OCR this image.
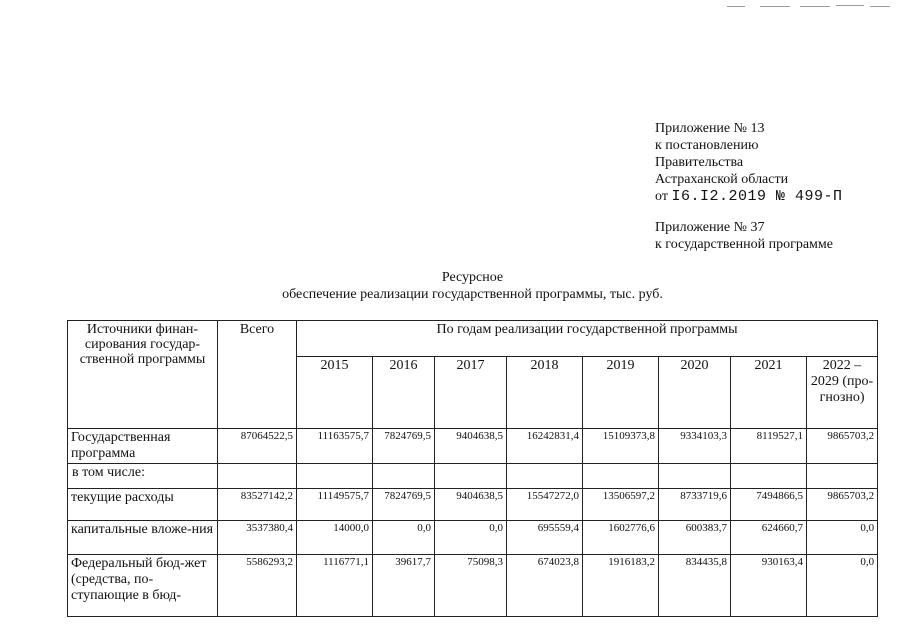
Приложение № 13
к постановлению
Правительства
Астраханской области
от I6.I2.2019 № 499-П
Приложение № 37
к государственной программе
Ресурсное
обеспечение реализации государственной программы, тыс. руб.
Источники финан-сирования государ-ственной программы	Всего	По годам реализации государственной программы							
		2015	2016	2017	2018	2019	2020	2021	2022 – 2029 (про-гнозно)
Государственная программа	87064522,5	11163575,7	7824769,5	9404638,5	16242831,4	15109373,8	9334103,3	8119527,1	9865703,2
в том числе:									
текущие расходы	83527142,2	11149575,7	7824769,5	9404638,5	15547272,0	13506597,2	8733719,6	7494866,5	9865703,2
капитальные вложе-ния	3537380,4	14000,0	0,0	0,0	695559,4	1602776,6	600383,7	624660,7	0,0
Федеральный бюд-жет (средства, по-ступающие в бюд-	5586293,2	1116771,1	39617,7	75098,3	674023,8	1916183,2	834435,8	930163,4	0,0
